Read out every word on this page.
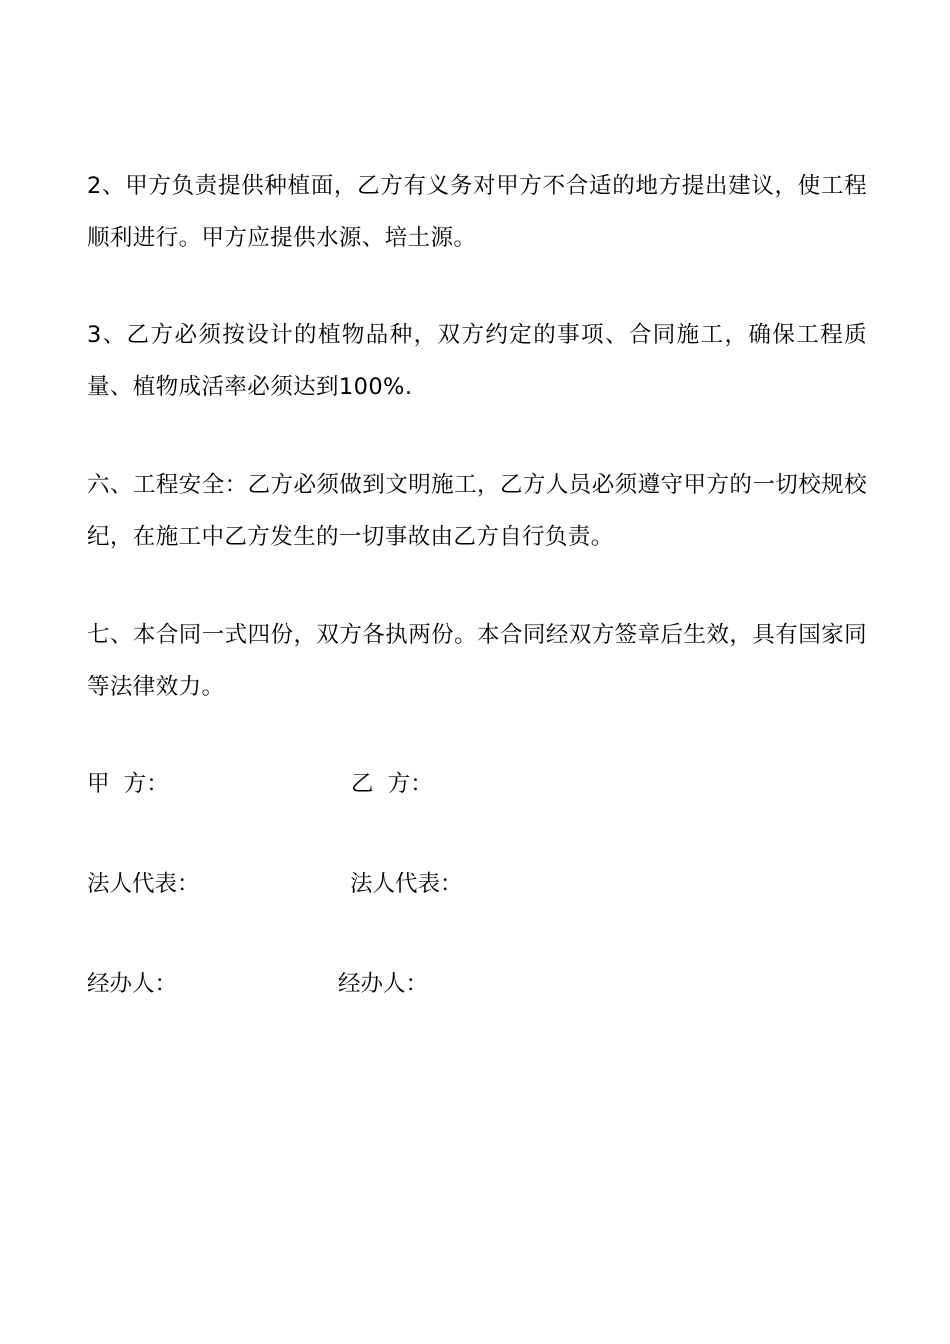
2、甲方负责提供种植面，乙方有义务对甲方不合适的地方提出建议，使工程顺利进行。甲方应提供水源、培土源。

3、乙方必须按设计的植物品种，双方约定的事项、合同施工，确保工程质量、植物成活率必须达到100%.

六、工程安全：乙方必须做到文明施工，乙方人员必须遵守甲方的一切校规校纪，在施工中乙方发生的一切事故由乙方自行负责。

七、本合同一式四份，双方各执两份。本合同经双方签章后生效，具有国家同等法律效力。

甲  方：	乙  方：
法人代表：	法人代表：
经办人：	经办人：
